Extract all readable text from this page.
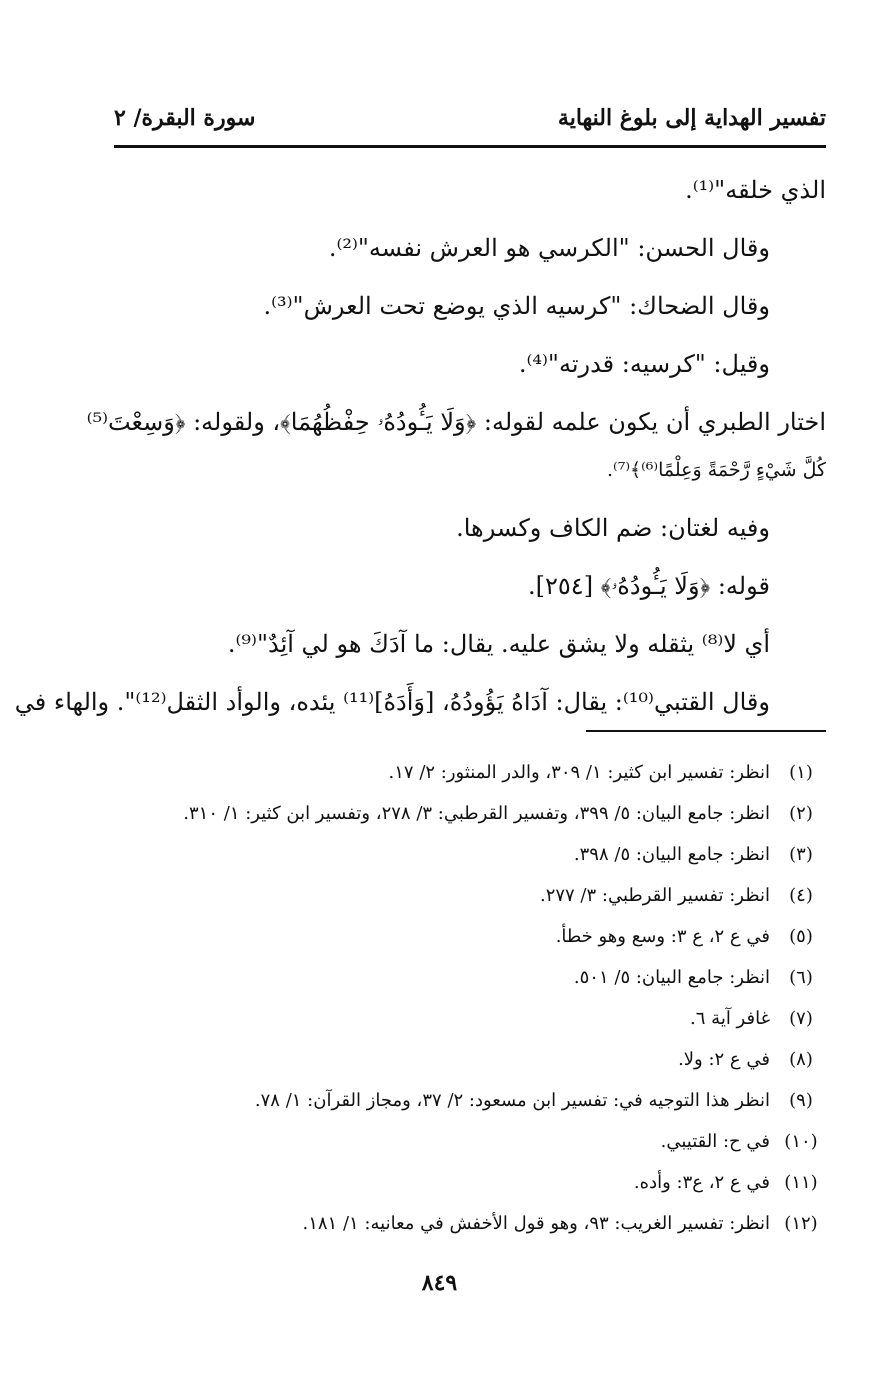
تفسير الهداية إلى بلوغ النهاية
سورة البقرة/ ٢
الذي خلقه"⁽¹⁾.
وقال الحسن: "الكرسي هو العرش نفسه"⁽²⁾.
وقال الضحاك: "كرسيه الذي يوضع تحت العرش"⁽³⁾.
وقيل: "كرسيه: قدرته"⁽⁴⁾.
اختار الطبري أن يكون علمه لقوله: ﴿وَلَا يَـُٔودُهُۥ حِفْظُهُمَا﴾، ولقوله: ﴿وَسِعْتَ⁽⁵⁾
كُلَّ شَيْءٍ رَّحْمَةً وَعِلْمًا⁽⁶⁾﴾⁽⁷⁾.
وفيه لغتان: ضم الكاف وكسرها.
قوله: ﴿وَلَا يَـُٔودُهُۥ﴾ [٢٥٤].
أي لا⁽⁸⁾ يثقله ولا يشق عليه. يقال: ما آدَكَ هو لي آئِدٌ"⁽⁹⁾.
وقال القتبي⁽¹⁰⁾: يقال: آدَاهُ يَؤُودُهُ، [وَأَدَهُ]⁽¹¹⁾ يئده، والوأد الثقل⁽¹²⁾". والهاء في
(١)
انظر: تفسير ابن كثير: ١/ ٣٠٩، والدر المنثور: ٢/ ١٧.
(٢)
انظر: جامع البيان: ٥/ ٣٩٩، وتفسير القرطبي: ٣/ ٢٧٨، وتفسير ابن كثير: ١/ ٣١٠.
(٣)
انظر: جامع البيان: ٥/ ٣٩٨.
(٤)
انظر: تفسير القرطبي: ٣/ ٢٧٧.
(٥)
في ع ٢، ع ٣: وسع وهو خطأ.
(٦)
انظر: جامع البيان: ٥/ ٥٠١.
(٧)
غافر آية ٦.
(٨)
في ع ٢: ولا.
(٩)
انظر هذا التوجيه في: تفسير ابن مسعود: ٢/ ٣٧، ومجاز القرآن: ١/ ٧٨.
(١٠)
في ح: القتيبي.
(١١)
في ع ٢، ع٣: وأده.
(١٢)
انظر: تفسير الغريب: ٩٣، وهو قول الأخفش في معانيه: ١/ ١٨١.
٨٤٩
